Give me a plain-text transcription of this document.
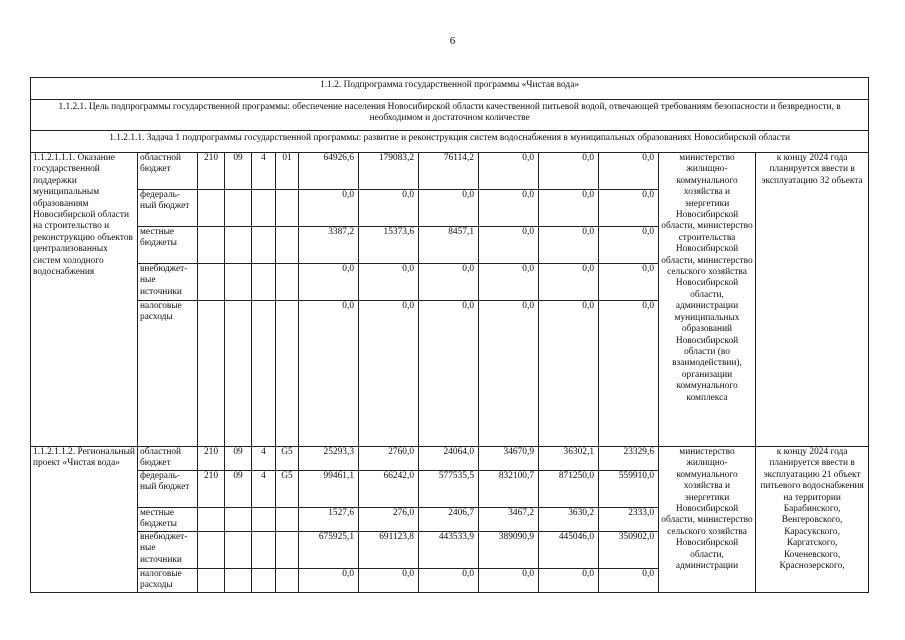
6
1.1.2. Подпрограмма государственной программы «Чистая вода»													
1.1.2.1. Цель подпрограммы государственной программы: обеспечение населения Новосибирской области качественной питьевой водой, отвечающей требованиям безопасности и безвредности, в необходимом и достаточном количестве													
1.1.2.1.1. Задача 1 подпрограммы государственной программы: развитие и реконструкция систем водоснабжения в муниципальных образованиях Новосибирской области													
1.1.2.1.1.1. Оказание государственной поддержки муниципальным образованиям Новосибирской области на строительство и реконструкцию объектов централизованных систем холодного водоснабжения	областной бюджет	210	09	4	01	64926,6	179083,2	76114,2	0,0	0,0	0,0	министерство жилищно-коммунального хозяйства и энергетики Новосибирской области, министерство строительства Новосибирской области, министерство сельского хозяйства Новосибирской области, администрации муниципальных образований Новосибирской области (во взаимодействии), организации коммунального комплекса	к концу 2024 года планируется ввести в эксплуатацию 32 объекта
	федераль-ный бюджет					0,0	0,0	0,0	0,0	0,0	0,0		
	местные бюджеты					3387,2	15373,6	8457,1	0,0	0,0	0,0		
	внебюджет-ные источники					0,0	0,0	0,0	0,0	0,0	0,0		
	налоговые расходы					0,0	0,0	0,0	0,0	0,0	0,0		
1.1.2.1.1.2. Региональный проект «Чистая вода»	областной бюджет	210	09	4	G5	25293,3	2760,0	24064,0	34670,9	36302,1	23329,6	министерство жилищно-коммунального хозяйства и энергетики Новосибирской области, министерство сельского хозяйства Новосибирской области, администрации	к концу 2024 года планируется ввести в эксплуатацию 21 объект питьевого водоснабжения на территории Барабинского, Венгеровского, Карасукского, Каргатского, Коченевского, Краснозерского,
	федераль-ный бюджет	210	09	4	G5	99461,1	66242,0	577535,5	832100,7	871250,0	559910,0		
	местные бюджеты					1527,6	276,0	2406,7	3467,2	3630,2	2333,0		
	внебюджет-ные источники					675925,1	691123,8	443533,9	389090,9	445046,0	350902,0		
	налоговые расходы					0,0	0,0	0,0	0,0	0,0	0,0		
